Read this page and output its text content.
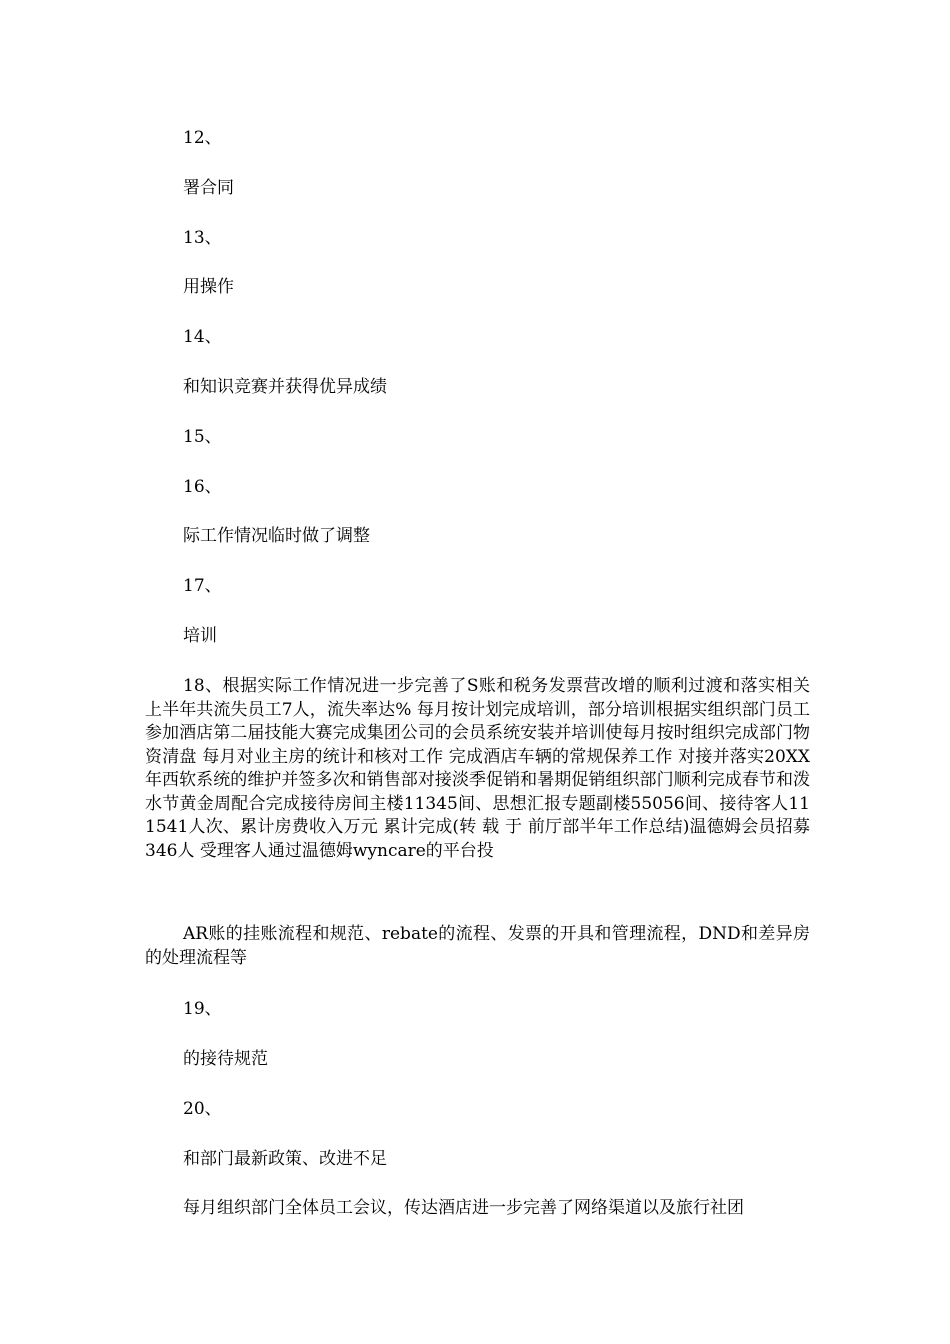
12、

署合同

13、

用操作

14、

和知识竞赛并获得优异成绩

15、

16、

际工作情况临时做了调整

17、

培训

18、根据实际工作情况进一步完善了S账和税务发票营改增的顺利过渡和落实相关上半年共流失员工7人，流失率达% 每月按计划完成培训，部分培训根据实组织部门员工参加酒店第二届技能大赛完成集团公司的会员系统安装并培训使每月按时组织完成部门物资清盘 每月对业主房的统计和核对工作 完成酒店车辆的常规保养工作 对接并落实20XX年西软系统的维护并签多次和销售部对接淡季促销和暑期促销组织部门顺利完成春节和泼水节黄金周配合完成接待房间主楼11345间、思想汇报专题副楼55056间、接待客人111541人次、累计房费收入万元 累计完成(转 载 于 前厅部半年工作总结)温德姆会员招募346人 受理客人通过温德姆wyncare的平台投

AR账的挂账流程和规范、rebate的流程、发票的开具和管理流程，DND和差异房的处理流程等

19、

的接待规范

20、

和部门最新政策、改进不足

每月组织部门全体员工会议，传达酒店进一步完善了网络渠道以及旅行社团
